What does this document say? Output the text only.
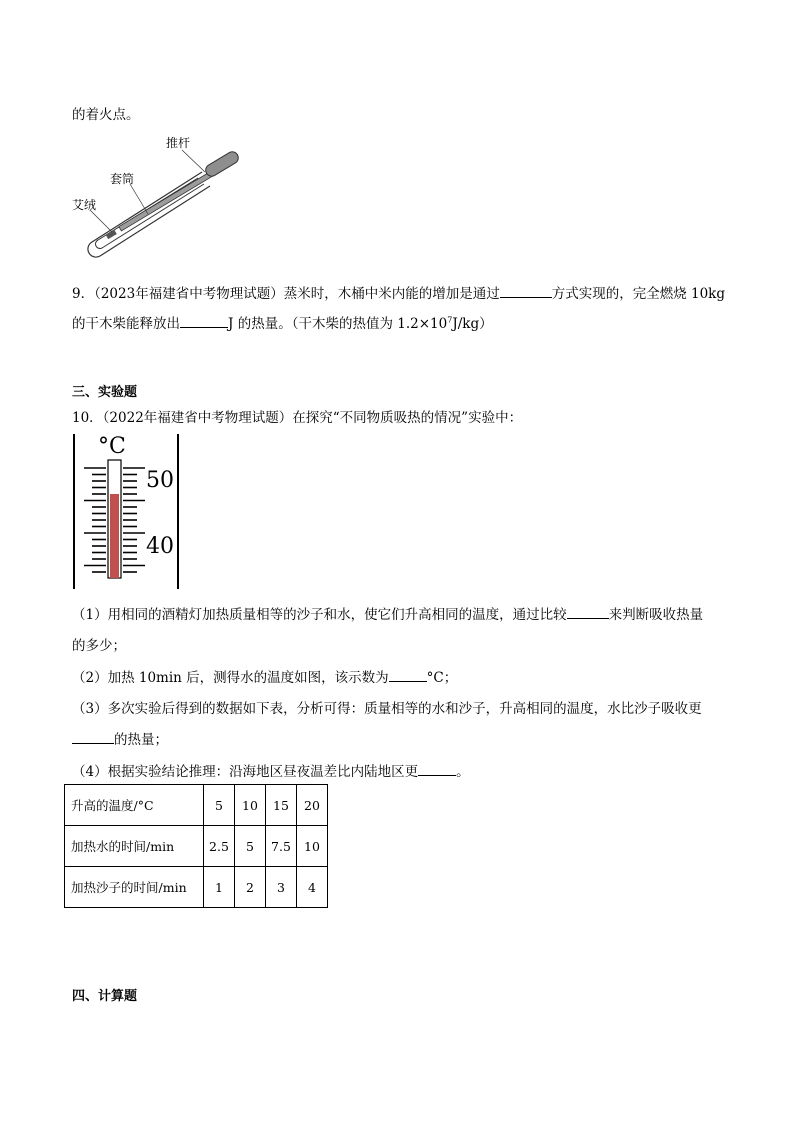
的着火点。
推杆
套筒
艾绒
9．（2023年福建省中考物理试题）蒸米时，木桶中米内能的增加是通过	方式实现的，完全燃烧 10kg
的干木柴能释放出	J 的热量。（干木柴的热值为 $1.2\times 10^7J/kg$）
三、实验题
10．（2022年福建省中考物理试题）在探究“不同物质吸热的情况”实验中：
°C
50
40
（1）用相同的酒精灯加热质量相等的沙子和水，使它们升高相同的温度，通过比较	来判断吸收热量
的多少；
（2）加热 10min 后，测得水的温度如图，该示数为	°C；
（3）多次实验后得到的数据如下表，分析可得：质量相等的水和沙子，升高相同的温度，水比沙子吸收更
的热量；
（4）根据实验结论推理：沿海地区昼夜温差比内陆地区更	。
升高的温度/°C	5	10	15	20
加热水的时间/min	2.5	5	7.5	10
加热沙子的时间/min	1	2	3	4
四、计算题
